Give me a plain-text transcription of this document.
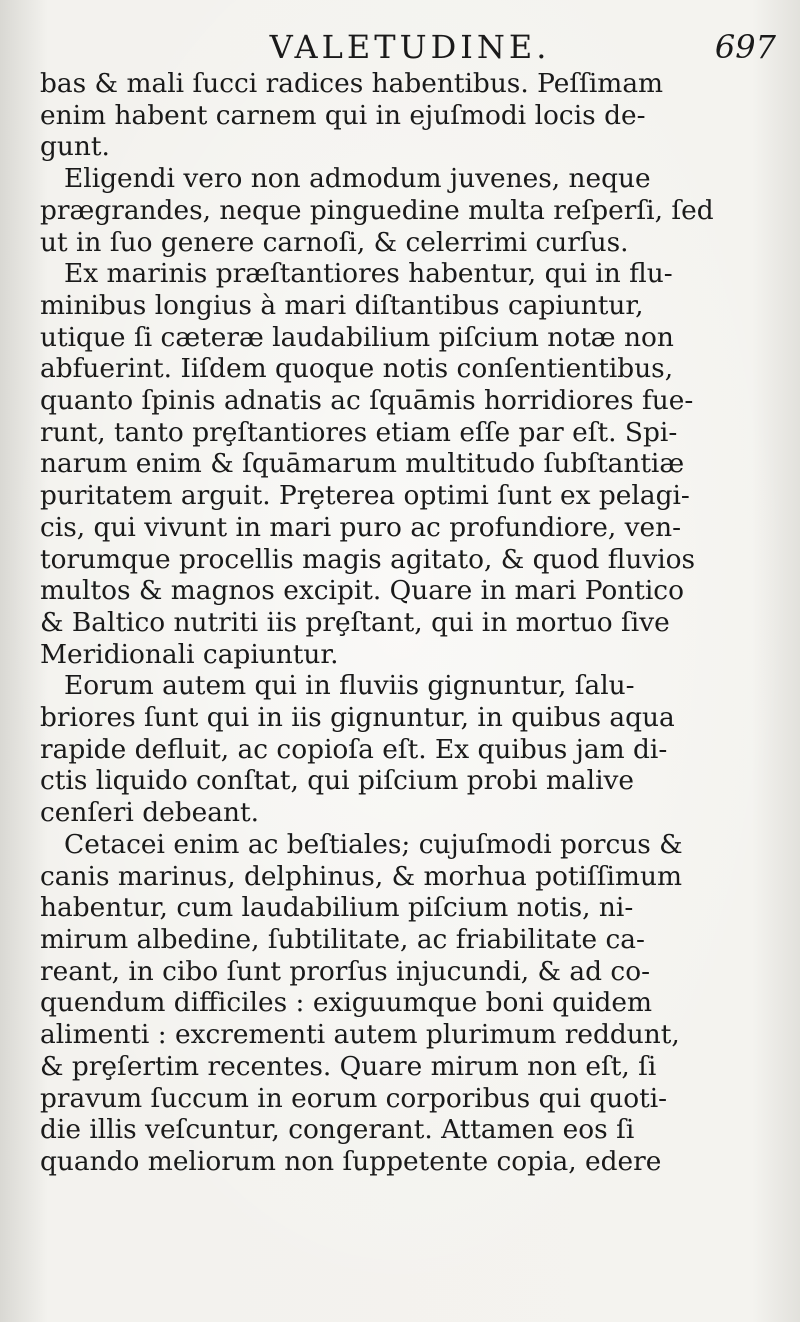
VALETUDINE.	697

bas & mali ſucci radices habentibus. Peſſimam
enim habent carnem qui in ejuſmodi locis de-
gunt.

Eligendi vero non admodum juvenes, neque
prægrandes, neque pinguedine multa reſperſi, ſed
ut in ſuo genere carnoſi, & celerrimi curſus.

Ex marinis præſtantiores habentur, qui in flu-
minibus longius à mari diſtantibus capiuntur,
utique ſi cæteræ laudabilium piſcium notæ non
abfuerint. Iiſdem quoque notis conſentientibus,
quanto ſpinis adnatis ac ſquāmis horridiores fue-
runt, tanto prȩſtantiores etiam eſſe par eſt. Spi-
narum enim & ſquāmarum multitudo ſubſtantiæ
puritatem arguit. Prȩterea optimi ſunt ex pelagi-
cis, qui vivunt in mari puro ac profundiore, ven-
torumque procellis magis agitato, & quod fluvios
multos & magnos excipit. Quare in mari Pontico
& Baltico nutriti iis prȩſtant, qui in mortuo ſive
Meridionali capiuntur.

Eorum autem qui in fluviis gignuntur, ſalu-
briores ſunt qui in iis gignuntur, in quibus aqua
rapide defluit, ac copioſa eſt. Ex quibus jam di-
ctis liquido conſtat, qui piſcium probi malive
cenſeri debeant.

Cetacei enim ac beſtiales; cujuſmodi porcus &
canis marinus, delphinus, & morhua potiſſimum
habentur, cum laudabilium piſcium notis, ni-
mirum albedine, ſubtilitate, ac friabilitate ca-
reant, in cibo ſunt prorſus injucundi, & ad co-
quendum difficiles : exiguumque boni quidem
alimenti : excrementi autem plurimum reddunt,
& prȩſertim recentes. Quare mirum non eſt, ſi
pravum ſuccum in eorum corporibus qui quoti-
die illis veſcuntur, congerant. Attamen eos ſi
quando meliorum non ſuppetente copia, edere
